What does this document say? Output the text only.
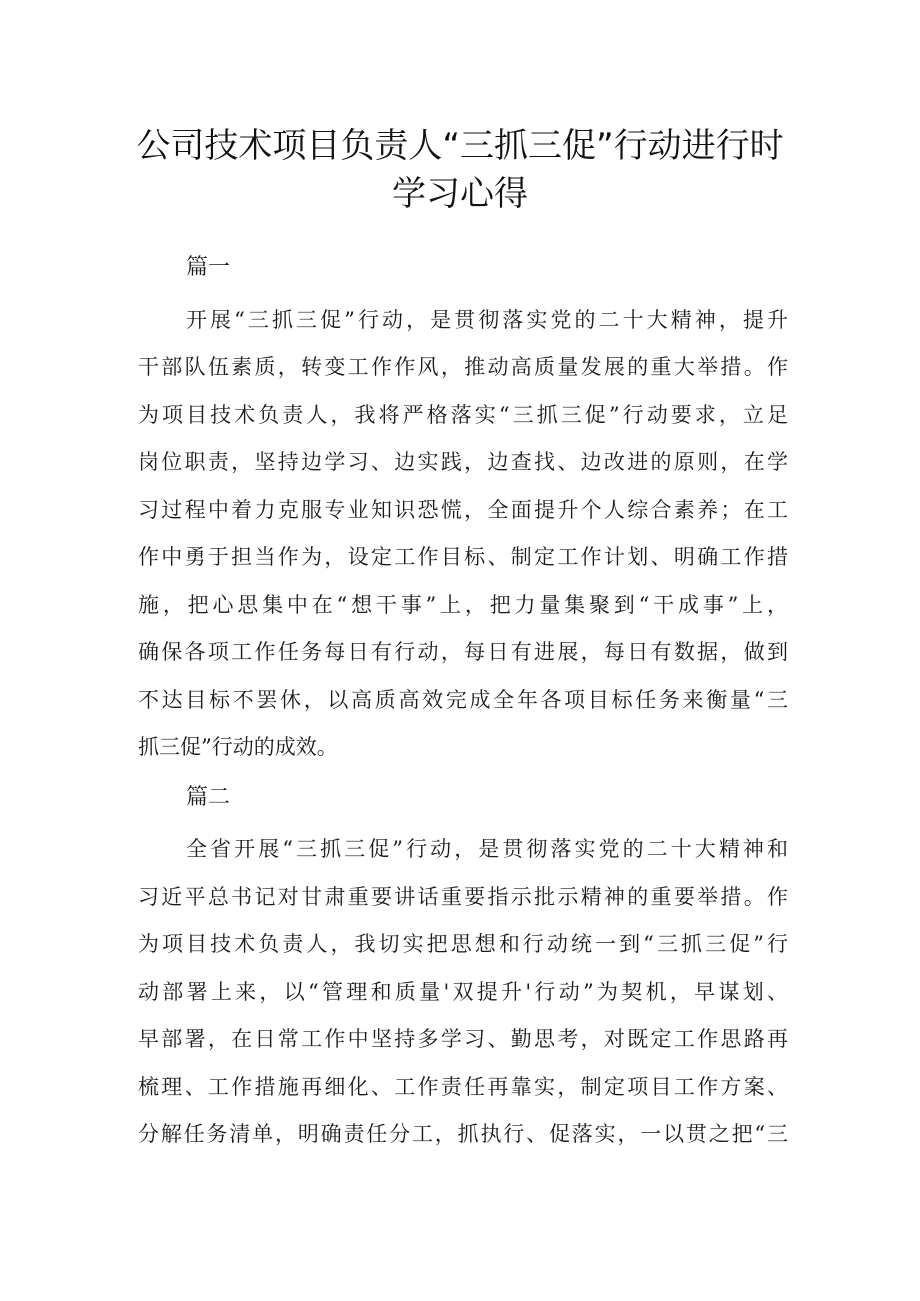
公司技术项目负责人“三抓三促”行动进行时
学习心得
篇一
开展“三抓三促”行动，是贯彻落实党的二十大精神，提升
干部队伍素质，转变工作作风，推动高质量发展的重大举措。作
为项目技术负责人，我将严格落实“三抓三促”行动要求，立足
岗位职责，坚持边学习、边实践，边查找、边改进的原则，在学
习过程中着力克服专业知识恐慌，全面提升个人综合素养；在工
作中勇于担当作为，设定工作目标、制定工作计划、明确工作措
施，把心思集中在“想干事”上，把力量集聚到“干成事”上，
确保各项工作任务每日有行动，每日有进展，每日有数据，做到
不达目标不罢休，以高质高效完成全年各项目标任务来衡量“三
抓三促”行动的成效。
篇二
全省开展“三抓三促”行动，是贯彻落实党的二十大精神和
习近平总书记对甘肃重要讲话重要指示批示精神的重要举措。作
为项目技术负责人，我切实把思想和行动统一到“三抓三促”行
动部署上来，以“管理和质量'双提升'行动”为契机，早谋划、
早部署，在日常工作中坚持多学习、勤思考，对既定工作思路再
梳理、工作措施再细化、工作责任再靠实，制定项目工作方案、
分解任务清单，明确责任分工，抓执行、促落实，一以贯之把“三
